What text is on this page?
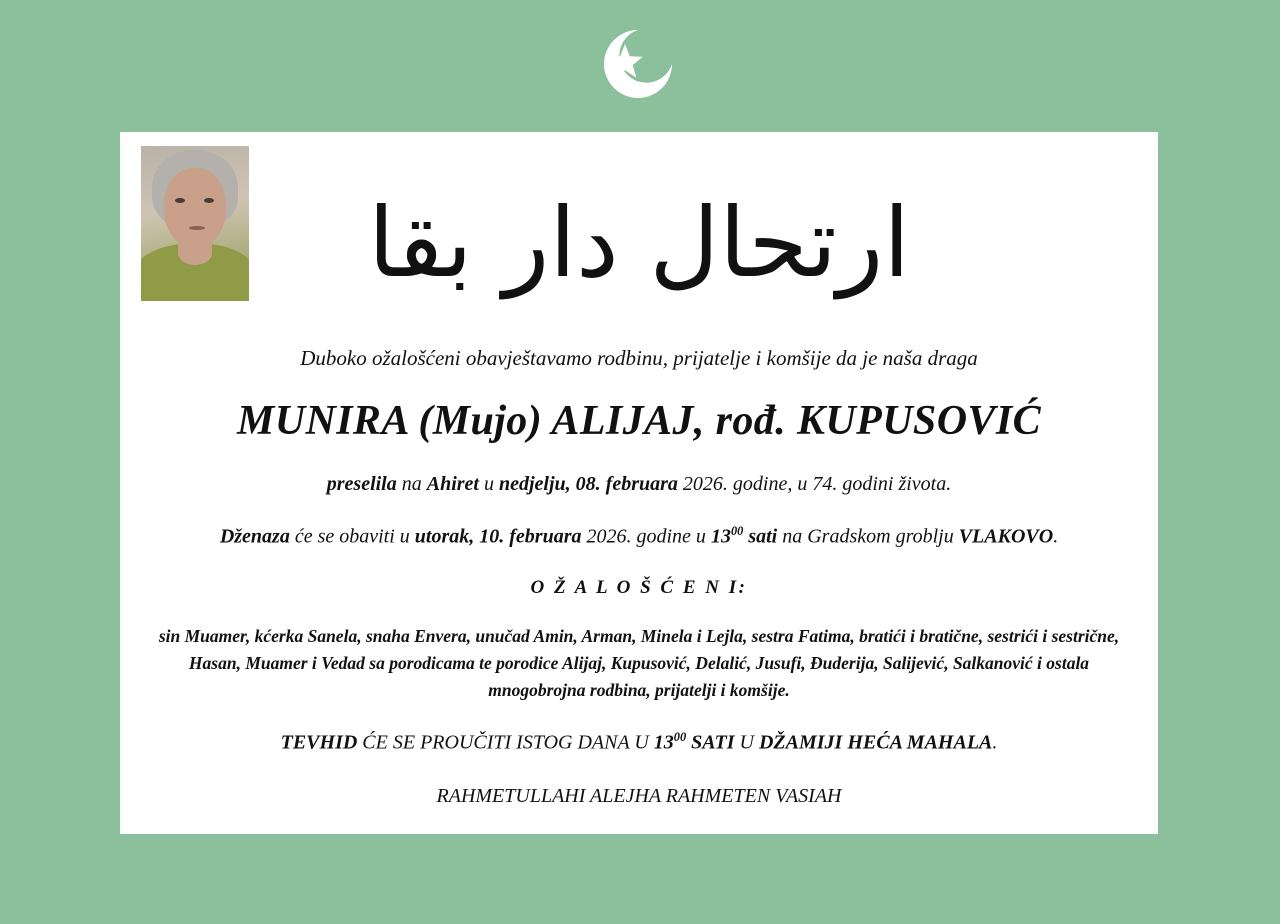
ارتحال دار بقا

Duboko ožalošćeni obavještavamo rodbinu, prijatelje i komšije da je naša draga

MUNIRA (Mujo) ALIJAJ, rođ. KUPUSOVIĆ

preselila na Ahiret u nedjelju, 08. februara 2026. godine, u 74. godini života.

Dženaza će se obaviti u utorak, 10. februara 2026. godine u $13^{00}$ sati na Gradskom groblju VLAKOVO.

O Ž A L O Š Ć E N I:

sin Muamer, kćerka Sanela, snaha Envera, unučad Amin, Arman, Minela i Lejla, sestra Fatima, bratići i bratične, sestrići i sestrične, Hasan, Muamer i Vedad sa porodicama te porodice Alijaj, Kupusović, Delalić, Jusufi, Đuderija, Salijević, Salkanović i ostala mnogobrojna rodbina, prijatelji i komšije.

TEVHID ĆE SE PROUČITI ISTOG DANA U $13^{00}$ SATI U DŽAMIJI HEĆA MAHALA.

RAHMETULLAHI ALEJHA RAHMETEN VASIAH
